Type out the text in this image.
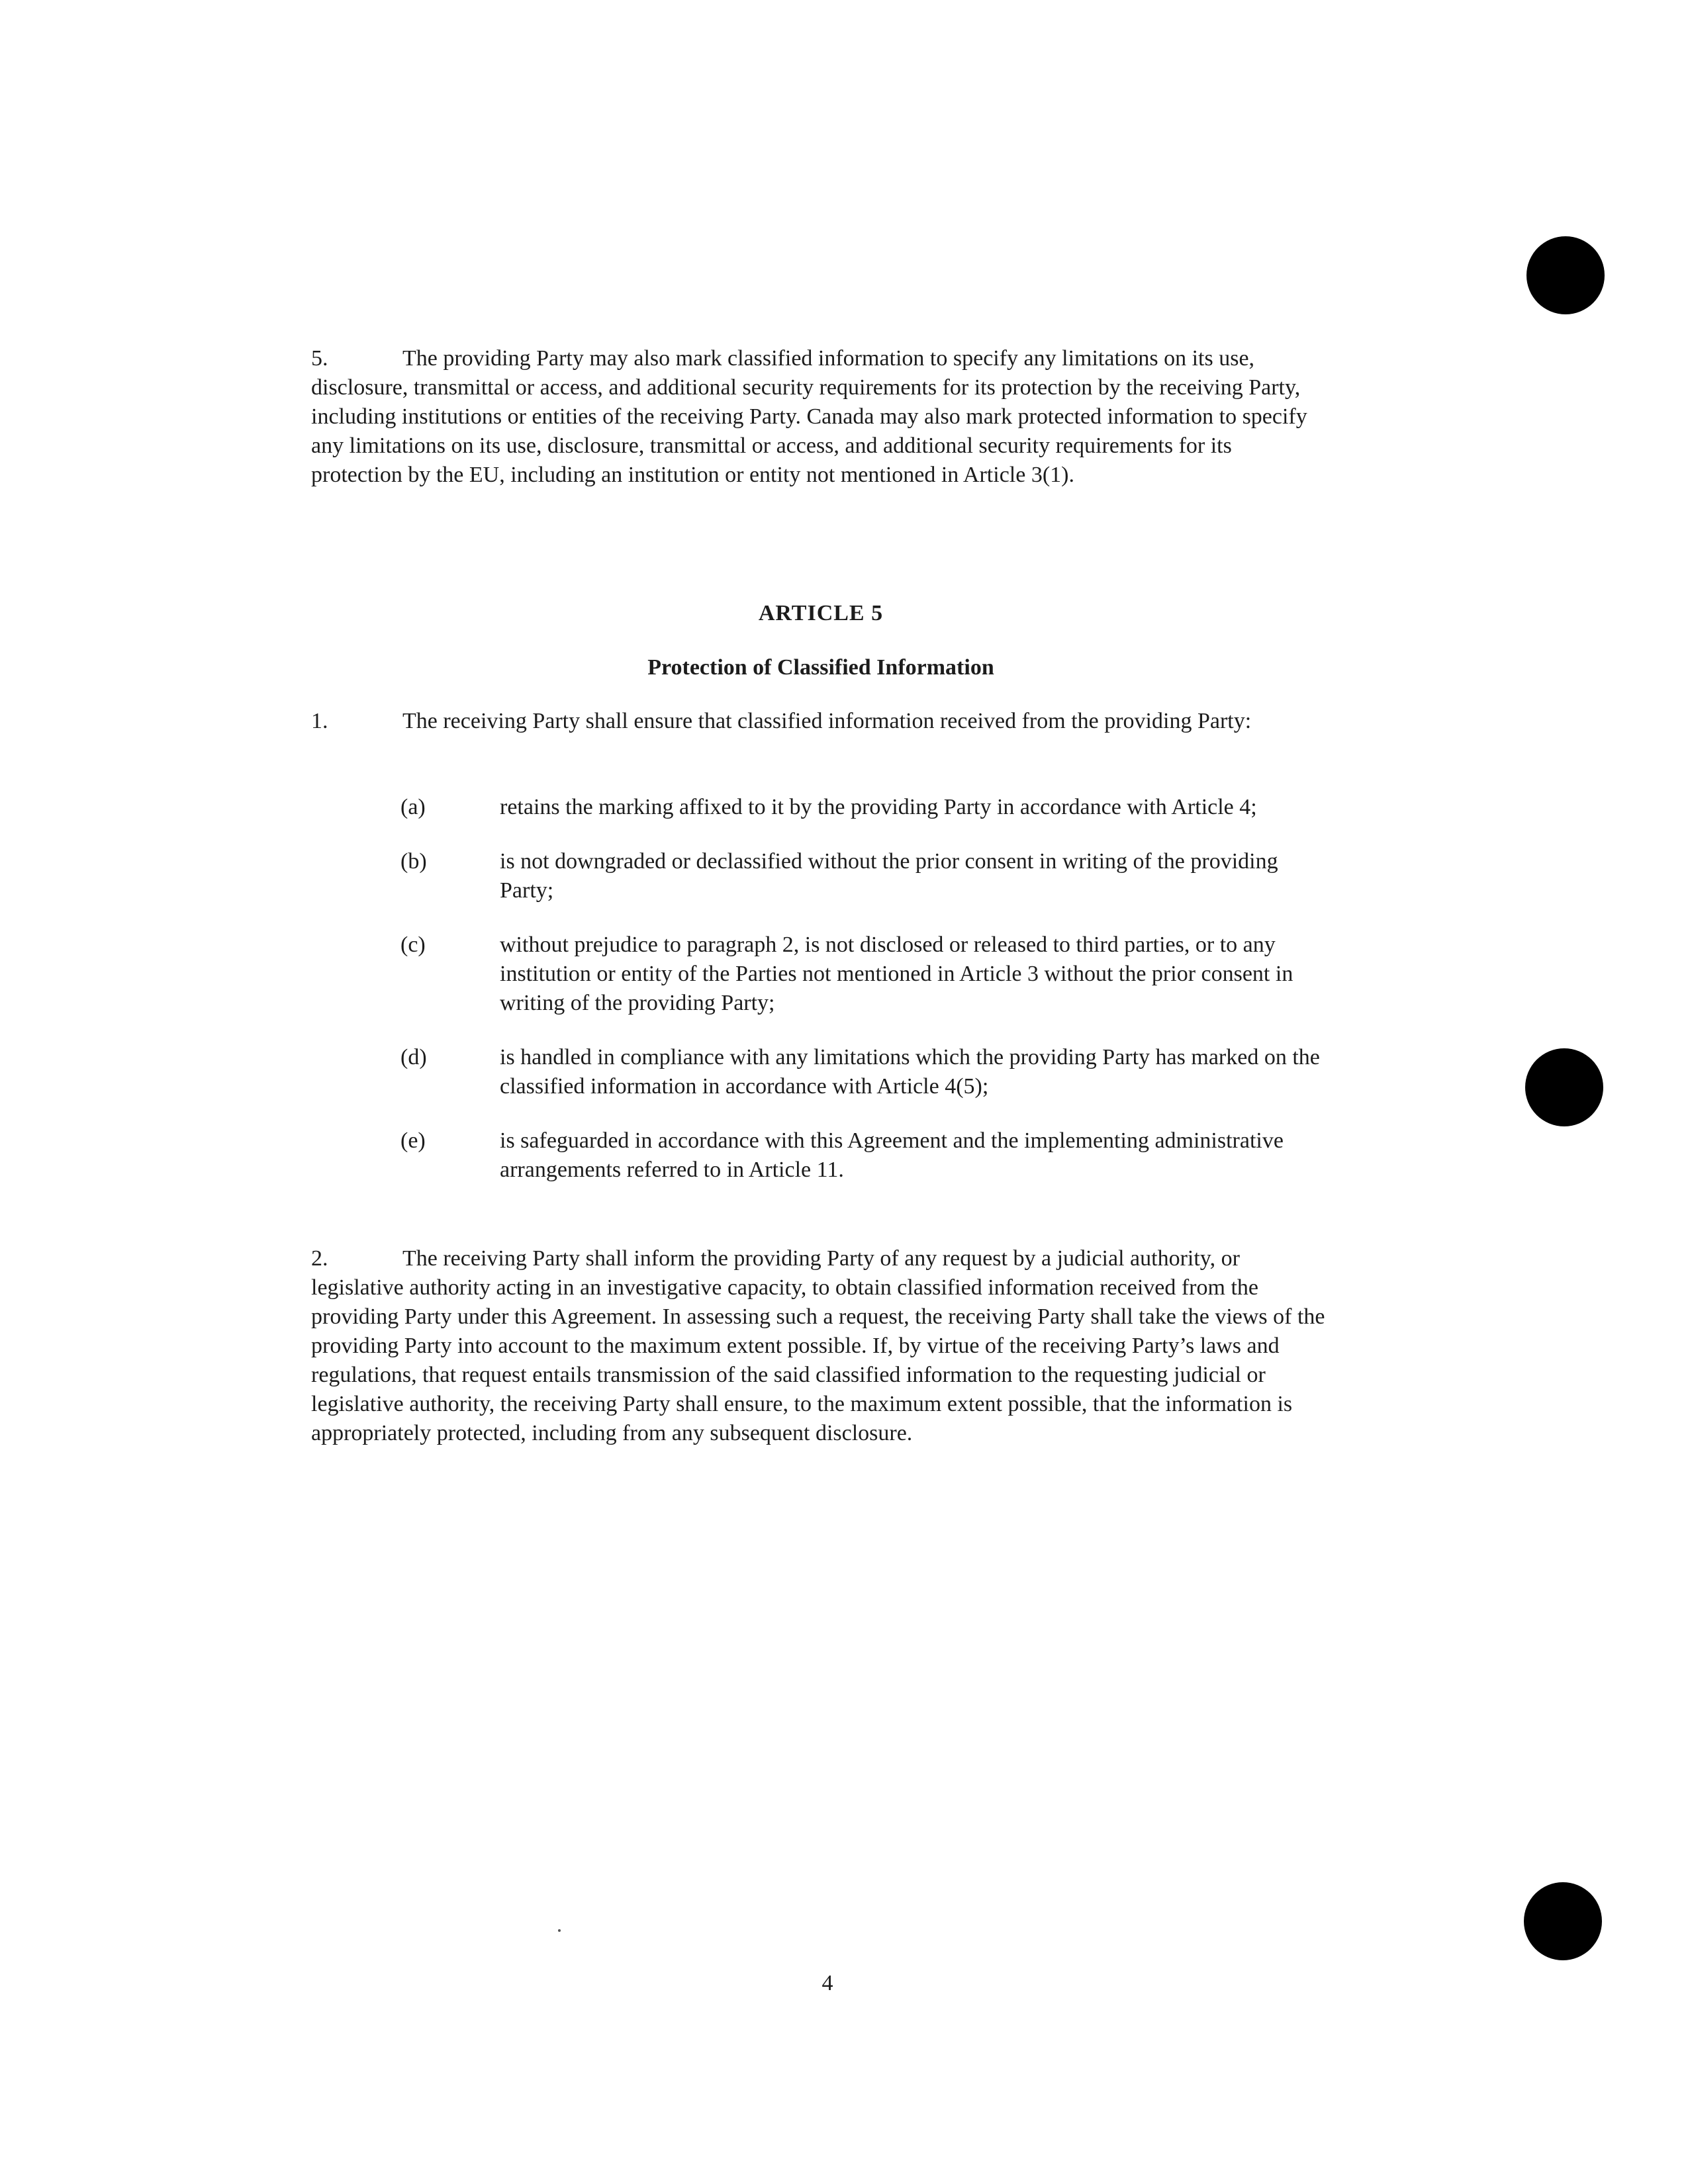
5.	The providing Party may also mark classified information to specify any limitations on its use, disclosure, transmittal or access, and additional security requirements for its protection by the receiving Party, including institutions or entities of the receiving Party. Canada may also mark protected information to specify any limitations on its use, disclosure, transmittal or access, and additional security requirements for its protection by the EU, including an institution or entity not mentioned in Article 3(1).
ARTICLE 5
Protection of Classified Information
1.	The receiving Party shall ensure that classified information received from the providing Party:
(a)	retains the marking affixed to it by the providing Party in accordance with Article 4;
(b)	is not downgraded or declassified without the prior consent in writing of the providing Party;
(c)	without prejudice to paragraph 2, is not disclosed or released to third parties, or to any institution or entity of the Parties not mentioned in Article 3 without the prior consent in writing of the providing Party;
(d)	is handled in compliance with any limitations which the providing Party has marked on the classified information in accordance with Article 4(5);
(e)	is safeguarded in accordance with this Agreement and the implementing administrative arrangements referred to in Article 11.
2.	The receiving Party shall inform the providing Party of any request by a judicial authority, or legislative authority acting in an investigative capacity, to obtain classified information received from the providing Party under this Agreement. In assessing such a request, the receiving Party shall take the views of the providing Party into account to the maximum extent possible. If, by virtue of the receiving Party’s laws and regulations, that request entails transmission of the said classified information to the requesting judicial or legislative authority, the receiving Party shall ensure, to the maximum extent possible, that the information is appropriately protected, including from any subsequent disclosure.
4
